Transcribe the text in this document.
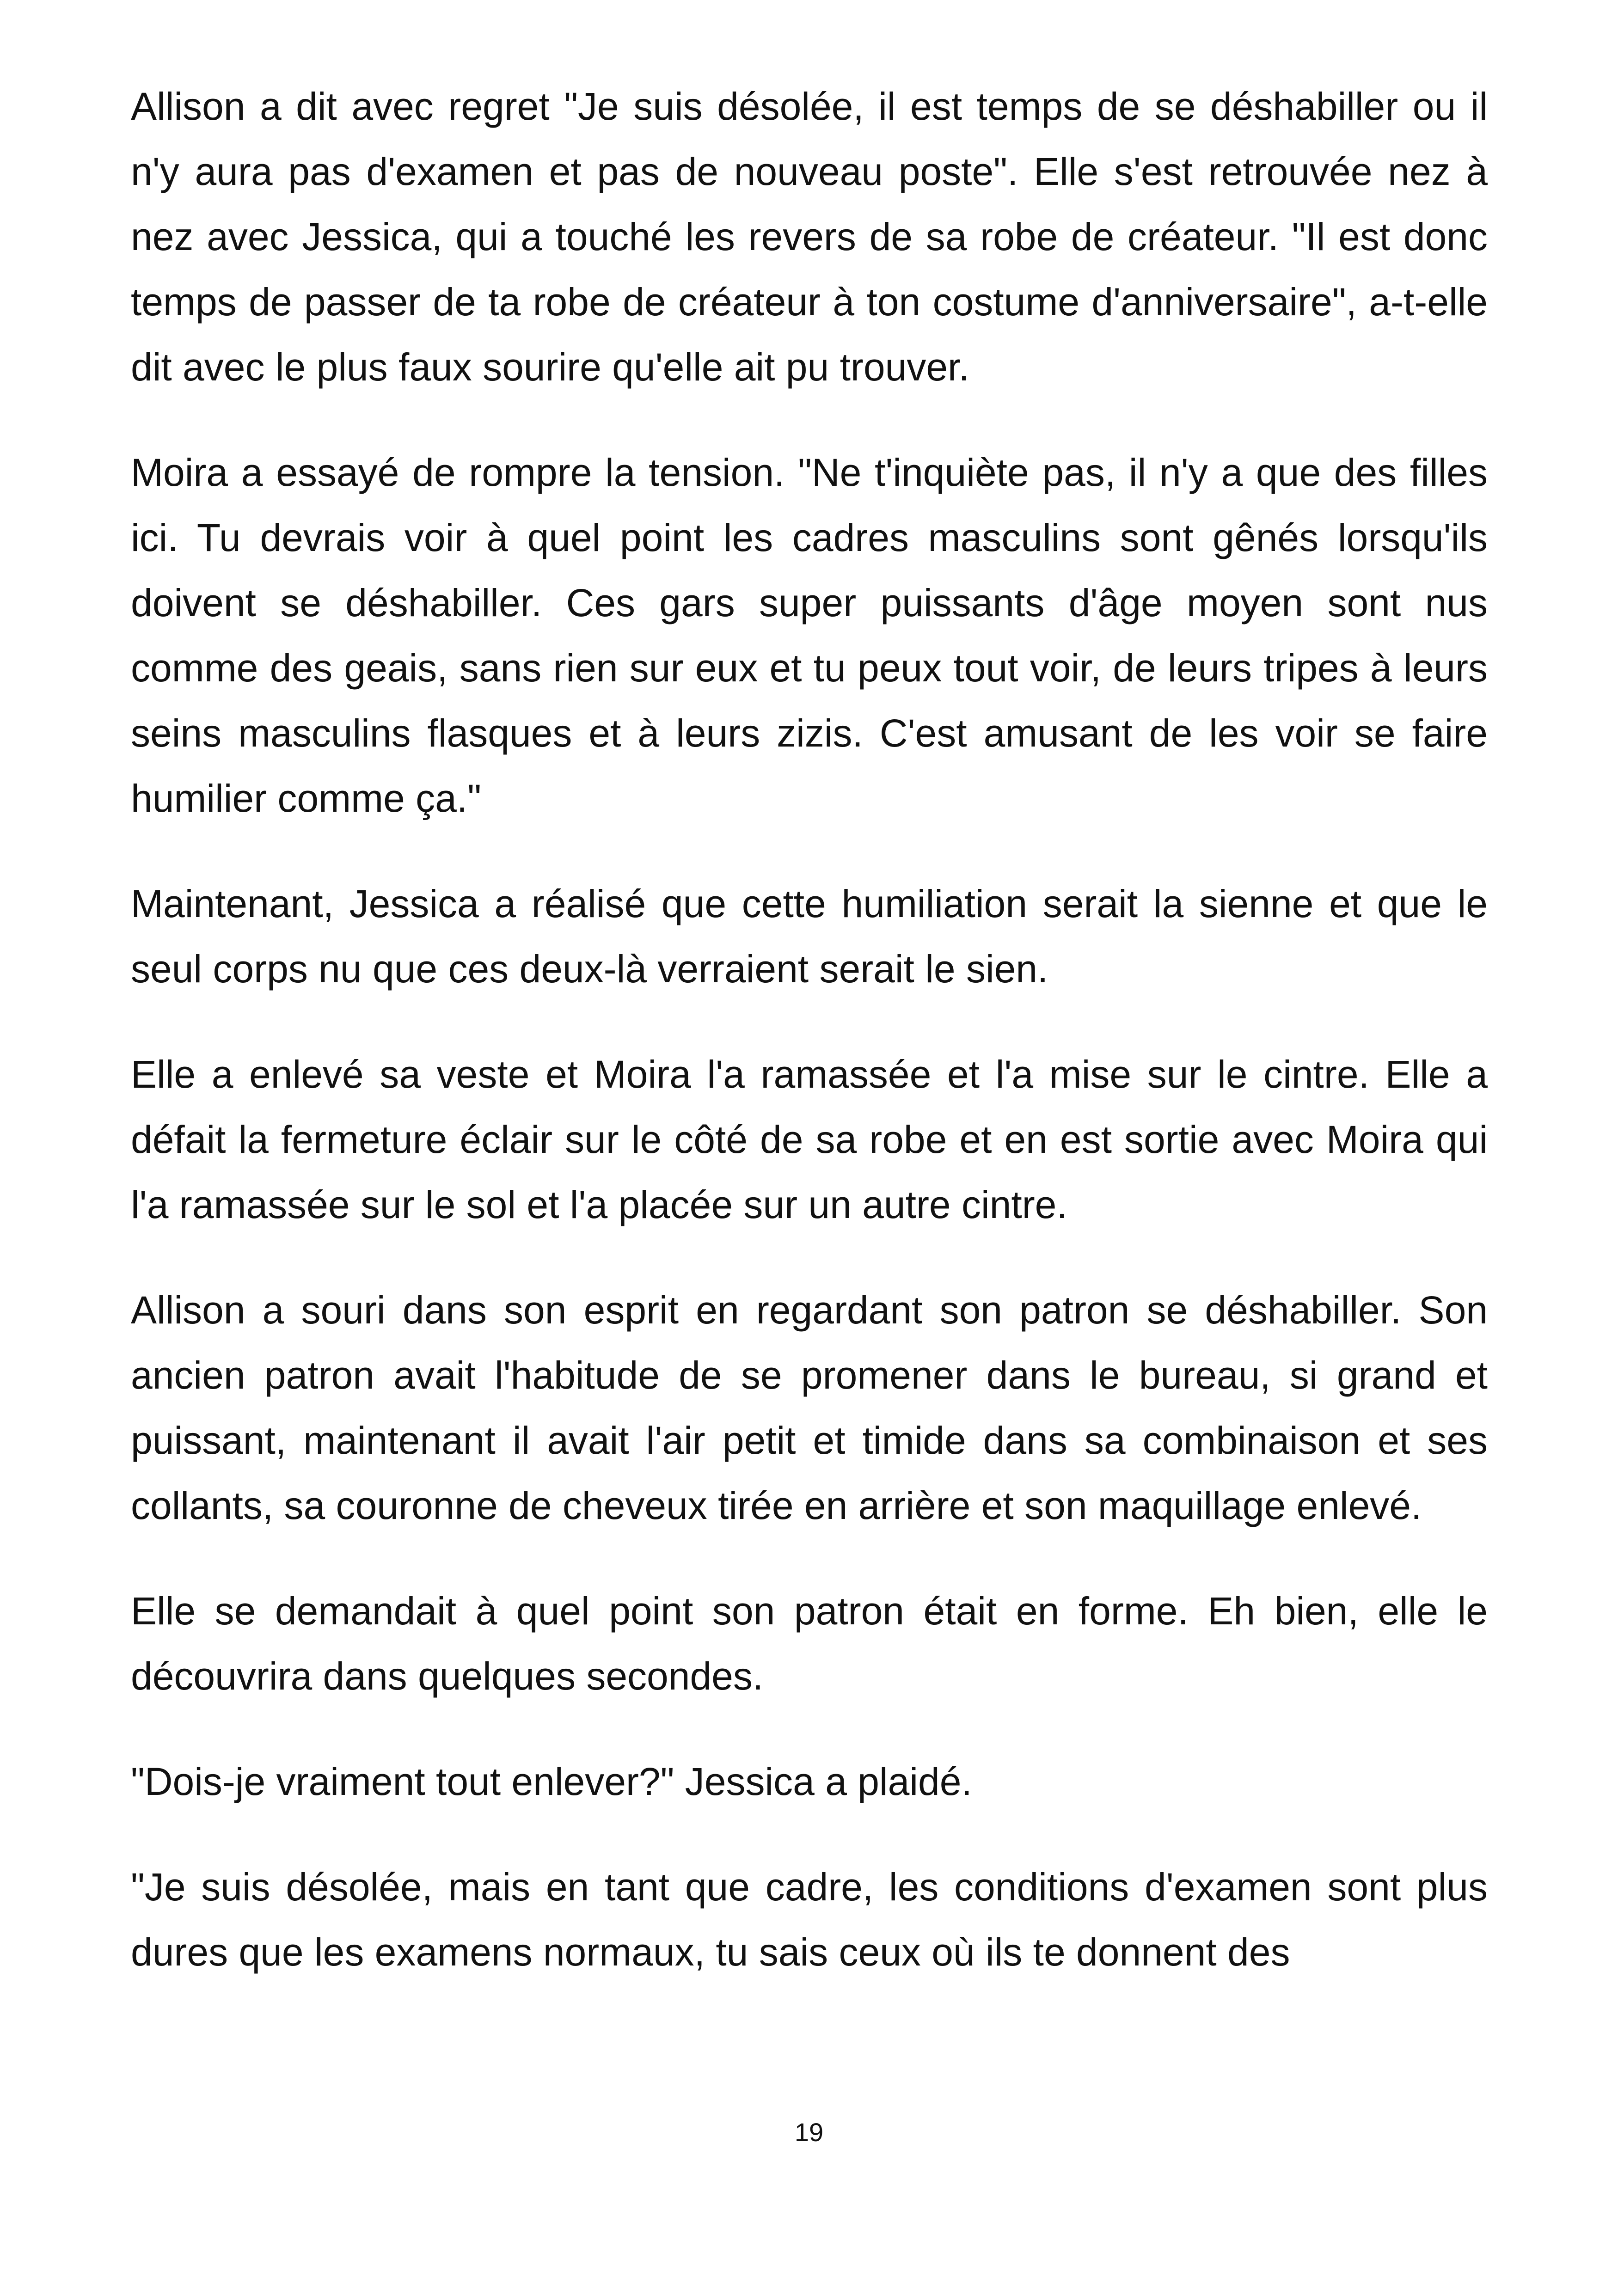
Allison a dit avec regret "Je suis désolée, il est temps de se déshabiller ou il n'y aura pas d'examen et pas de nouveau poste". Elle s'est retrouvée nez à nez avec Jessica, qui a touché les revers de sa robe de créateur. "Il est donc temps de passer de ta robe de créateur à ton costume d'anniversaire", a-t-elle dit avec le plus faux sourire qu'elle ait pu trouver.

Moira a essayé de rompre la tension. "Ne t'inquiète pas, il n'y a que des filles ici. Tu devrais voir à quel point les cadres masculins sont gênés lorsqu'ils doivent se déshabiller. Ces gars super puissants d'âge moyen sont nus comme des geais, sans rien sur eux et tu peux tout voir, de leurs tripes à leurs seins masculins flasques et à leurs zizis. C'est amusant de les voir se faire humilier comme ça."

Maintenant, Jessica a réalisé que cette humiliation serait la sienne et que le seul corps nu que ces deux-là verraient serait le sien.

Elle a enlevé sa veste et Moira l'a ramassée et l'a mise sur le cintre. Elle a défait la fermeture éclair sur le côté de sa robe et en est sortie avec Moira qui l'a ramassée sur le sol et l'a placée sur un autre cintre.

Allison a souri dans son esprit en regardant son patron se déshabiller. Son ancien patron avait l'habitude de se promener dans le bureau, si grand et puissant, maintenant il avait l'air petit et timide dans sa combinaison et ses collants, sa couronne de cheveux tirée en arrière et son maquillage enlevé.

Elle se demandait à quel point son patron était en forme. Eh bien, elle le découvrira dans quelques secondes.

"Dois-je vraiment tout enlever?" Jessica a plaidé.

"Je suis désolée, mais en tant que cadre, les conditions d'examen sont plus dures que les examens normaux, tu sais ceux où ils te donnent des

19
